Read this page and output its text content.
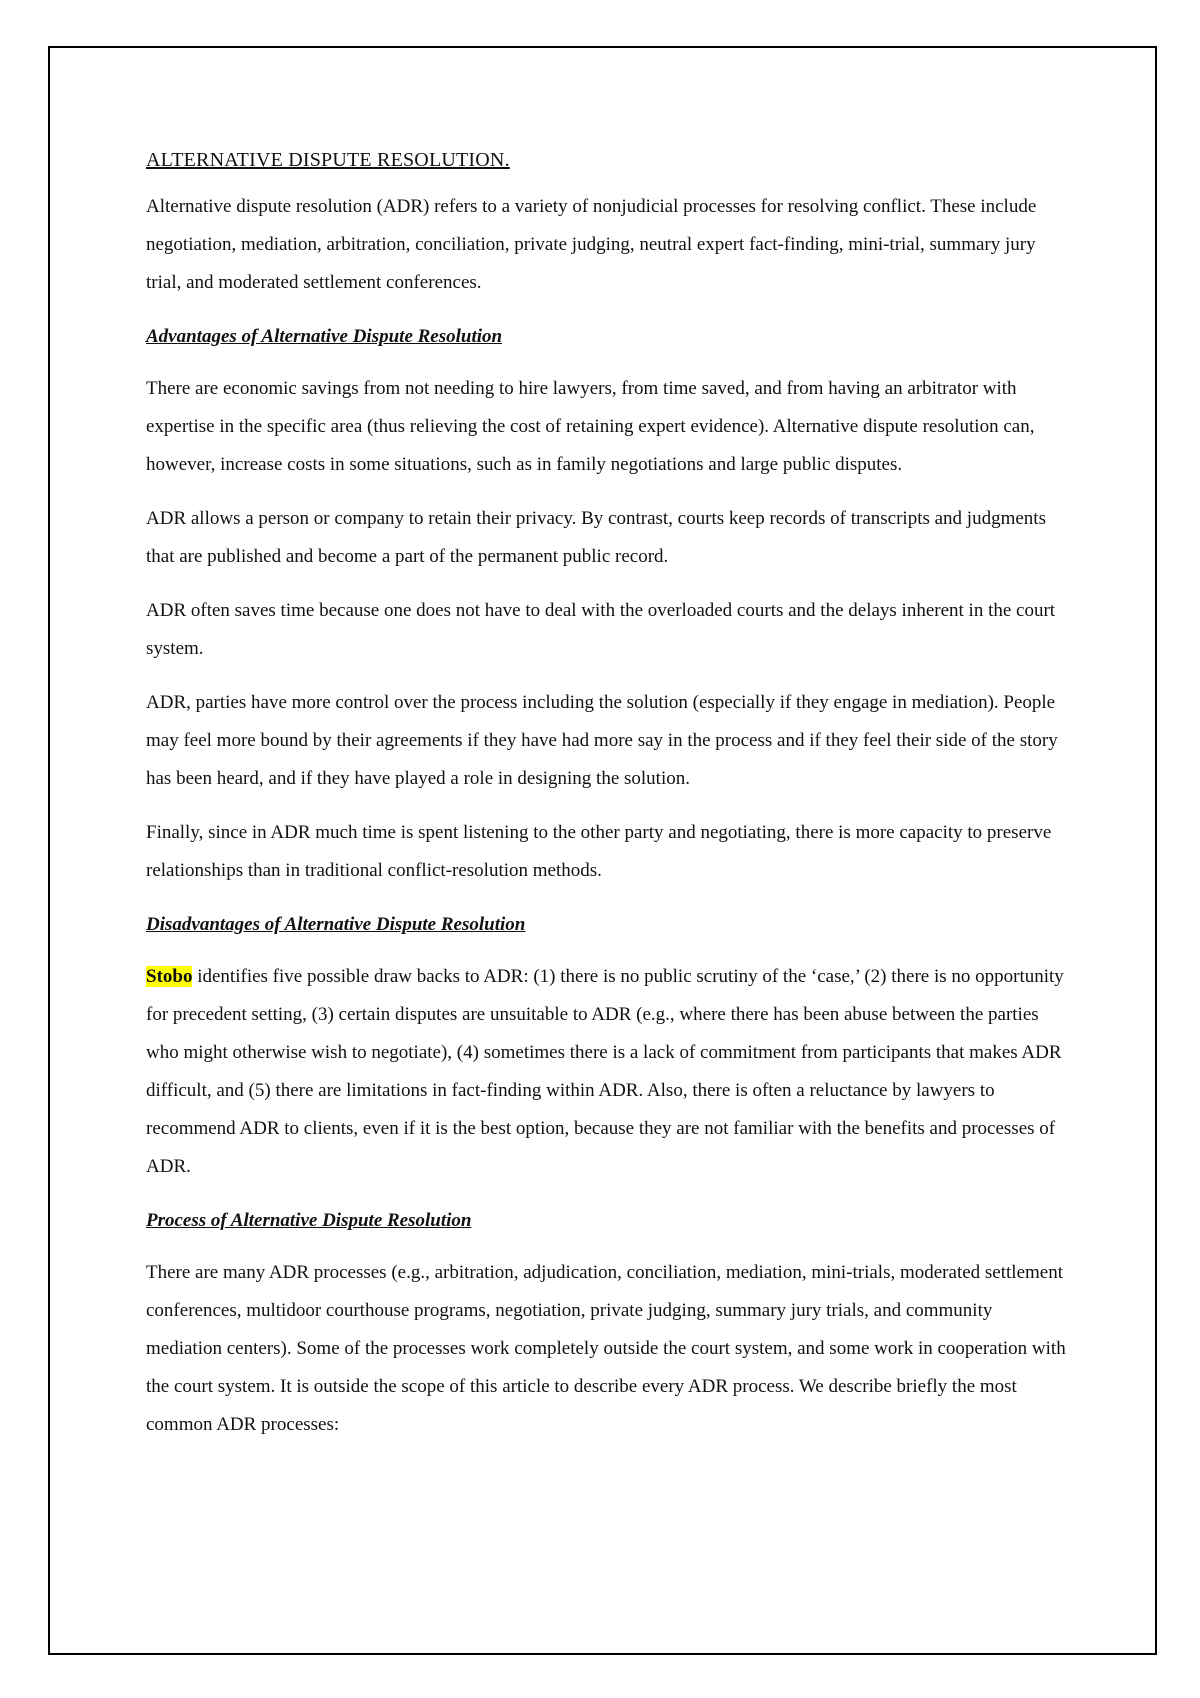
ALTERNATIVE DISPUTE RESOLUTION.

Alternative dispute resolution (ADR) refers to a variety of nonjudicial processes for resolving conflict. These include negotiation, mediation, arbitration, conciliation, private judging, neutral expert fact-finding, mini-trial, summary jury trial, and moderated settlement conferences.

Advantages of Alternative Dispute Resolution

There are economic savings from not needing to hire lawyers, from time saved, and from having an arbitrator with expertise in the specific area (thus relieving the cost of retaining expert evidence). Alternative dispute resolution can, however, increase costs in some situations, such as in family negotiations and large public disputes.

ADR allows a person or company to retain their privacy. By contrast, courts keep records of transcripts and judgments that are published and become a part of the permanent public record.

ADR often saves time because one does not have to deal with the overloaded courts and the delays inherent in the court system.

ADR, parties have more control over the process including the solution (especially if they engage in mediation). People may feel more bound by their agreements if they have had more say in the process and if they feel their side of the story has been heard, and if they have played a role in designing the solution.

Finally, since in ADR much time is spent listening to the other party and negotiating, there is more capacity to preserve relationships than in traditional conflict-resolution methods.

Disadvantages of Alternative Dispute Resolution

Stobo identifies five possible draw backs to ADR: (1) there is no public scrutiny of the ‘case,’ (2) there is no opportunity for precedent setting, (3) certain disputes are unsuitable to ADR (e.g., where there has been abuse between the parties who might otherwise wish to negotiate), (4) sometimes there is a lack of commitment from participants that makes ADR difficult, and (5) there are limitations in fact-finding within ADR. Also, there is often a reluctance by lawyers to recommend ADR to clients, even if it is the best option, because they are not familiar with the benefits and processes of ADR.

Process of Alternative Dispute Resolution

There are many ADR processes (e.g., arbitration, adjudication, conciliation, mediation, mini-trials, moderated settlement conferences, multidoor courthouse programs, negotiation, private judging, summary jury trials, and community mediation centers). Some of the processes work completely outside the court system, and some work in cooperation with the court system. It is outside the scope of this article to describe every ADR process. We describe briefly the most common ADR processes:
